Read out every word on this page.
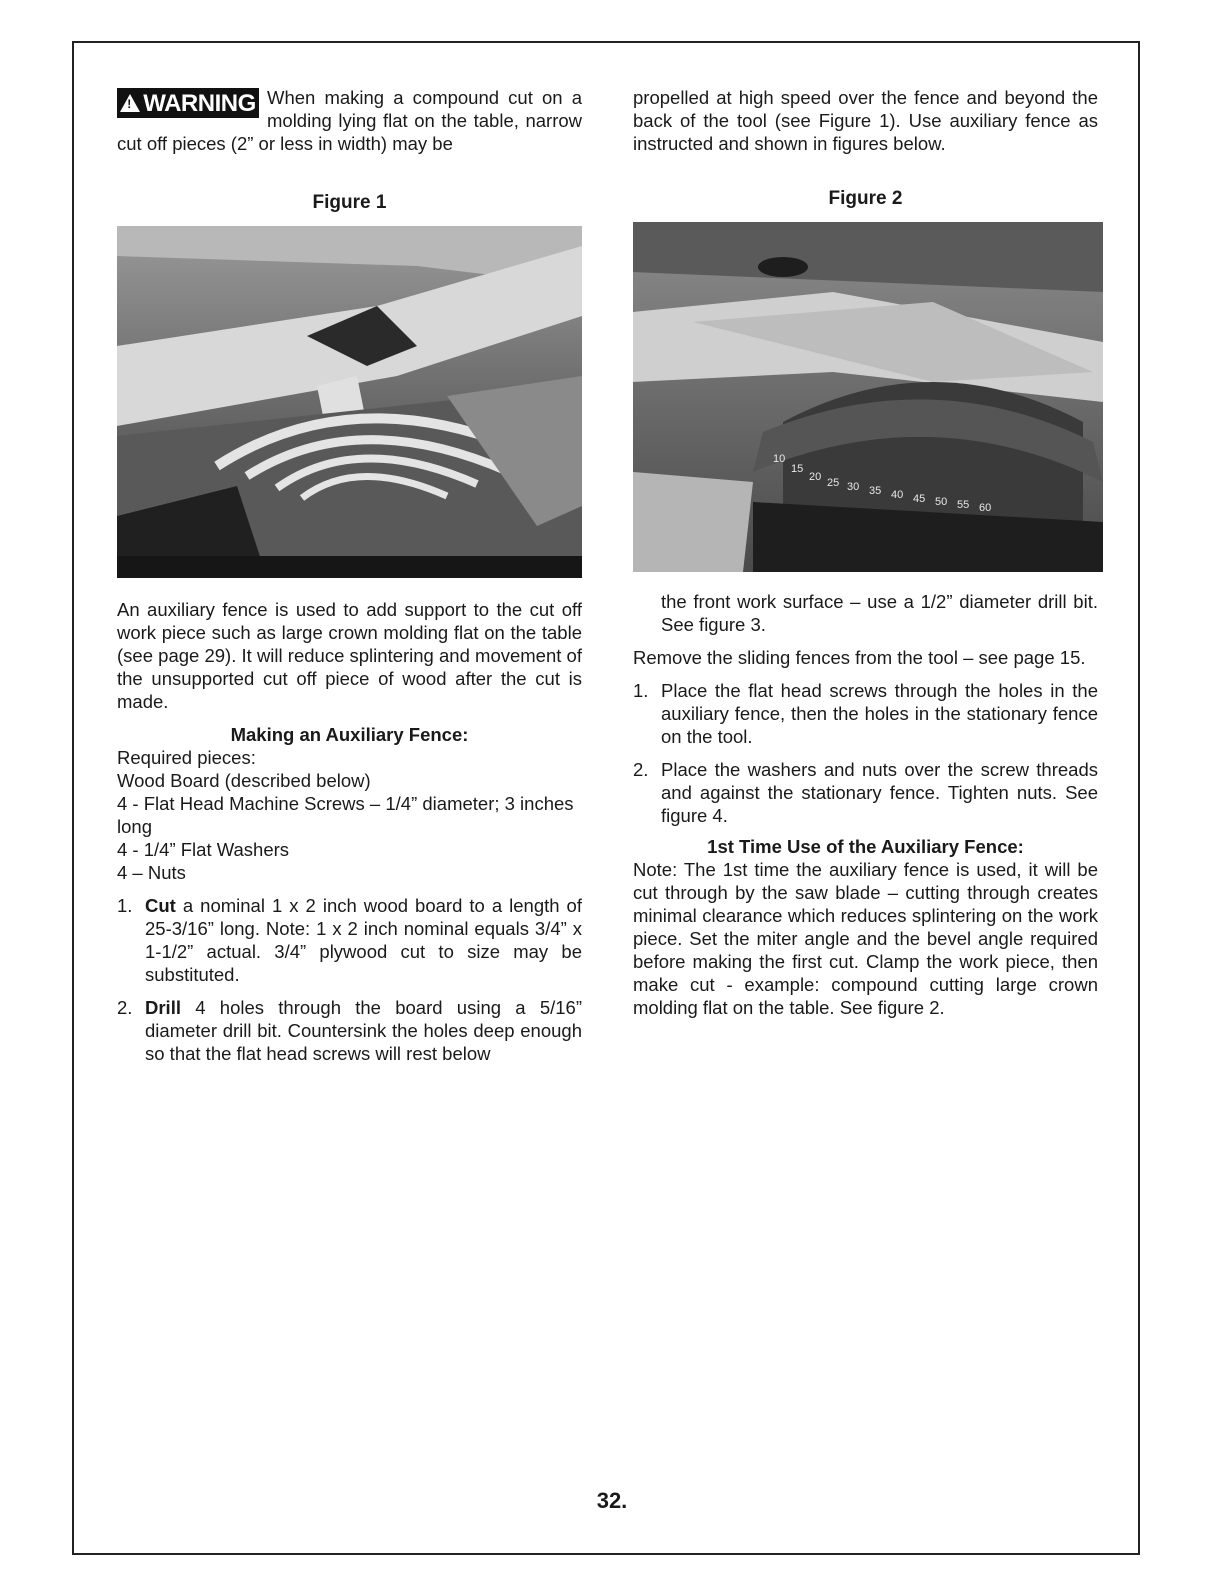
! WARNING When making a compound cut on a molding lying flat on the table, narrow cut off pieces (2” or less in width) may be

Figure 1

An auxiliary fence is used to add support to the cut off work piece such as large crown molding flat on the table (see page 29). It will reduce splintering and movement of the unsupported cut off piece of wood after the cut is made.

Making an Auxiliary Fence:
Required pieces:
Wood Board (described below)
4 - Flat Head Machine Screws – 1/4” diameter; 3 inches long
4 - 1/4” Flat Washers
4 – Nuts
1. Cut a nominal 1 x 2 inch wood board to a length of 25-3/16” long. Note: 1 x 2 inch nominal equals 3/4” x 1-1/2” actual. 3/4” plywood cut to size may be substituted.
2. Drill 4 holes through the board using a 5/16” diameter drill bit. Countersink the holes deep enough so that the flat head screws will rest below

propelled at high speed over the fence and beyond the back of the tool (see Figure 1). Use auxiliary fence as instructed and shown in figures below.

Figure 2
10
15
20 25 30 35 40 45 50 55 60

the front work surface – use a 1/2” diameter drill bit. See figure 3.

Remove the sliding fences from the tool – see page 15.

1. Place the flat head screws through the holes in the auxiliary fence, then the holes in the stationary fence on the tool.
2. Place the washers and nuts over the screw threads and against the stationary fence. Tighten nuts. See figure 4.
1st Time Use of the Auxiliary Fence:

Note: The 1st time the auxiliary fence is used, it will be cut through by the saw blade – cutting through creates minimal clearance which reduces splintering on the work piece. Set the miter angle and the bevel angle required before making the first cut. Clamp the work piece, then make cut - example: compound cutting large crown molding flat on the table. See figure 2.

32.
